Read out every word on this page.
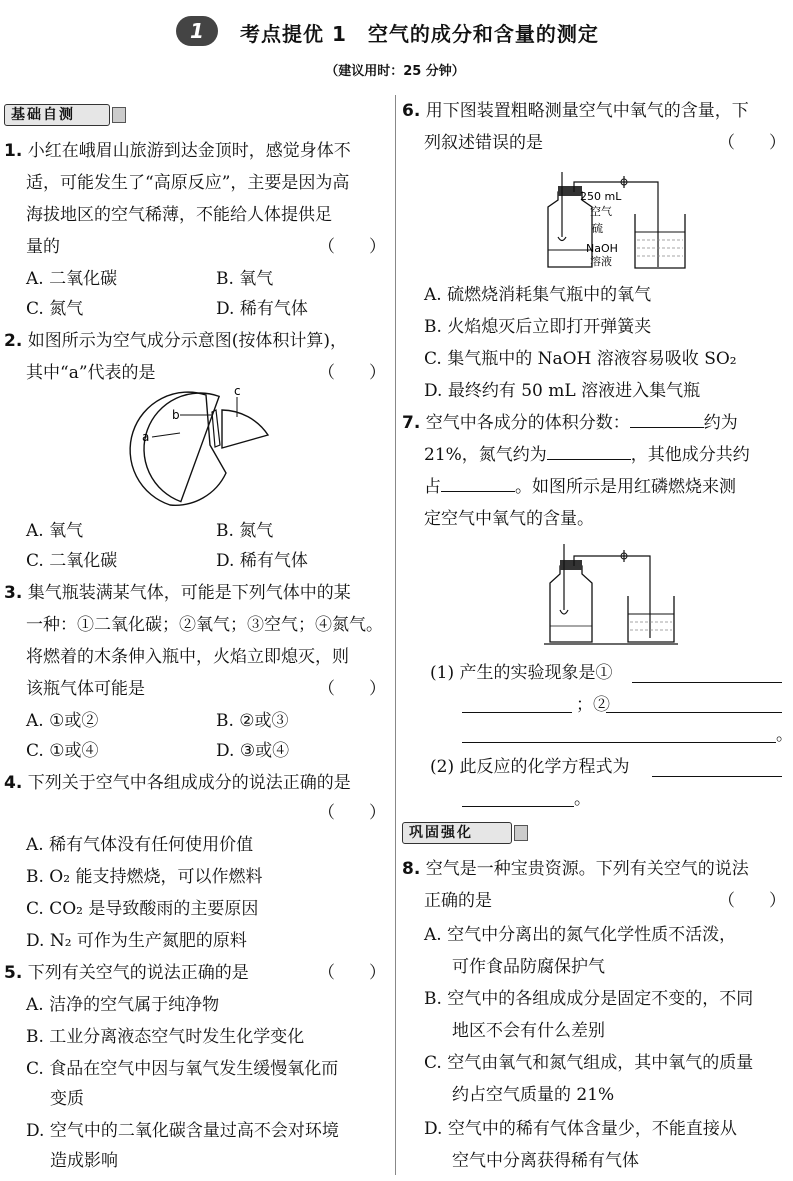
1	考点提优 1　空气的成分和含量的测定
（建议用时：25 分钟）
基础自测
1. 小红在峨眉山旅游到达金顶时，感觉身体不
适，可能发生了“高原反应”，主要是因为高
海拔地区的空气稀薄，不能给人体提供足
量的	（　　）
A. 二氧化碳	B. 氧气
C. 氮气	D. 稀有气体
2. 如图所示为空气成分示意图(按体积计算)，
其中“a”代表的是	（　　）
a
b
c
A. 氧气	B. 氮气
C. 二氧化碳	D. 稀有气体
3. 集气瓶装满某气体，可能是下列气体中的某
一种：①二氧化碳；②氧气；③空气；④氮气。
将燃着的木条伸入瓶中，火焰立即熄灭，则
该瓶气体可能是	（　　）
A. ①或②	B. ②或③
C. ①或④	D. ③或④
4. 下列关于空气中各组成成分的说法正确的是
（　　）
A. 稀有气体没有任何使用价值
B. O₂ 能支持燃烧，可以作燃料
C. CO₂ 是导致酸雨的主要原因
D. N₂ 可作为生产氮肥的原料
5. 下列有关空气的说法正确的是	（　　）
A. 洁净的空气属于纯净物
B. 工业分离液态空气时发生化学变化
C. 食品在空气中因与氧气发生缓慢氧化而
变质
D. 空气中的二氧化碳含量过高不会对环境
造成影响
6. 用下图装置粗略测量空气中氧气的含量，下
列叙述错误的是	（　　）
250 mL
空气
硫
NaOH
溶液
A. 硫燃烧消耗集气瓶中的氧气
B. 火焰熄灭后立即打开弹簧夹
C. 集气瓶中的 NaOH 溶液容易吸收 SO₂
D. 最终约有 50 mL 溶液进入集气瓶
7. 空气中各成分的体积分数：	约为
21%，氮气约为	，其他成分共约
占	。如图所示是用红磷燃烧来测
定空气中氧气的含量。
(1) 产生的实验现象是①
；②
。
(2) 此反应的化学方程式为
。
巩固强化
8. 空气是一种宝贵资源。下列有关空气的说法
正确的是	（　　）
A. 空气中分离出的氮气化学性质不活泼，
可作食品防腐保护气
B. 空气中的各组成成分是固定不变的，不同
地区不会有什么差别
C. 空气由氧气和氮气组成，其中氧气的质量
约占空气质量的 21%
D. 空气中的稀有气体含量少，不能直接从
空气中分离获得稀有气体
